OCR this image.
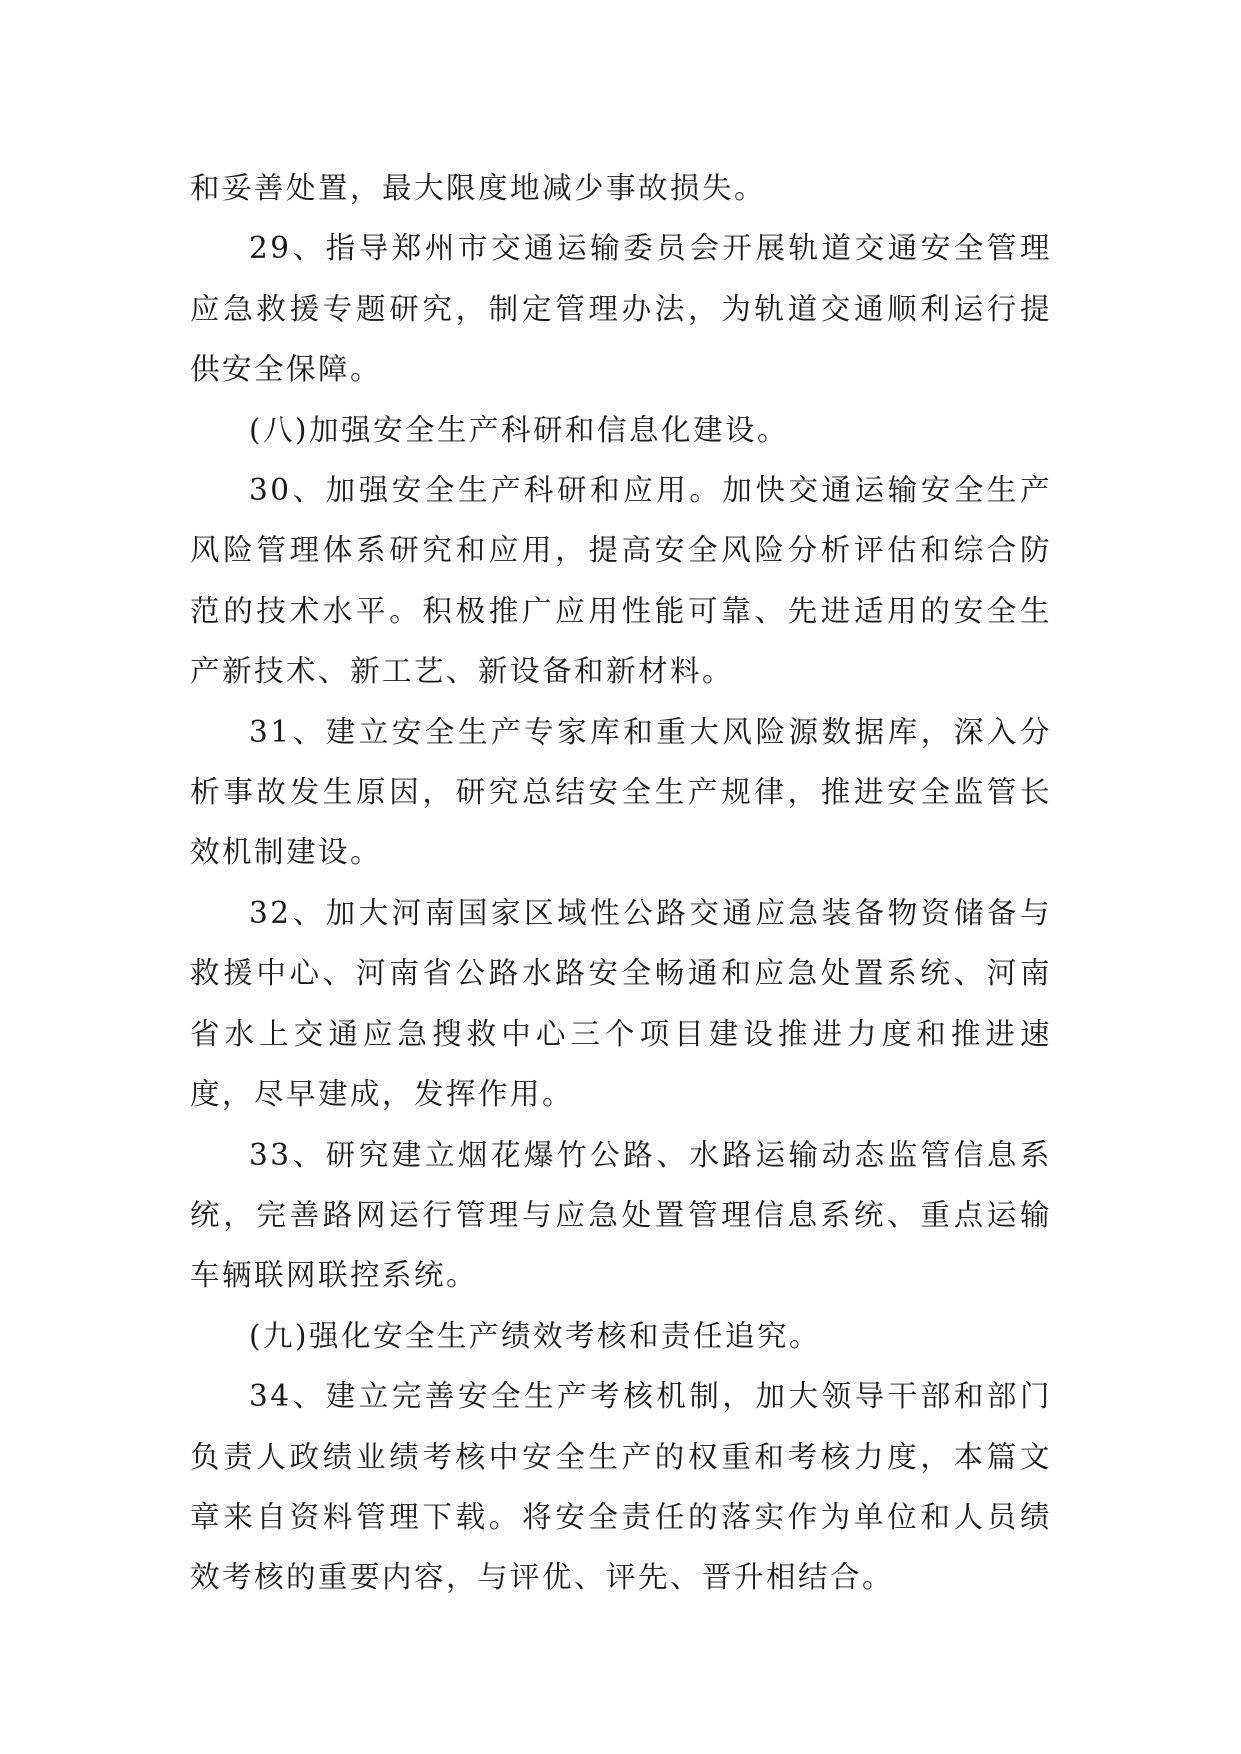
和妥善处置，最大限度地减少事故损失。

29、指导郑州市交通运输委员会开展轨道交通安全管理应急救援专题研究，制定管理办法，为轨道交通顺利运行提供安全保障。

(八)加强安全生产科研和信息化建设。

30、加强安全生产科研和应用。加快交通运输安全生产风险管理体系研究和应用，提高安全风险分析评估和综合防范的技术水平。积极推广应用性能可靠、先进适用的安全生产新技术、新工艺、新设备和新材料。

31、建立安全生产专家库和重大风险源数据库，深入分析事故发生原因，研究总结安全生产规律，推进安全监管长效机制建设。

32、加大河南国家区域性公路交通应急装备物资储备与救援中心、河南省公路水路安全畅通和应急处置系统、河南省水上交通应急搜救中心三个项目建设推进力度和推进速度，尽早建成，发挥作用。

33、研究建立烟花爆竹公路、水路运输动态监管信息系统，完善路网运行管理与应急处置管理信息系统、重点运输车辆联网联控系统。

(九)强化安全生产绩效考核和责任追究。

34、建立完善安全生产考核机制，加大领导干部和部门负责人政绩业绩考核中安全生产的权重和考核力度，本篇文章来自资料管理下载。将安全责任的落实作为单位和人员绩效考核的重要内容，与评优、评先、晋升相结合。
